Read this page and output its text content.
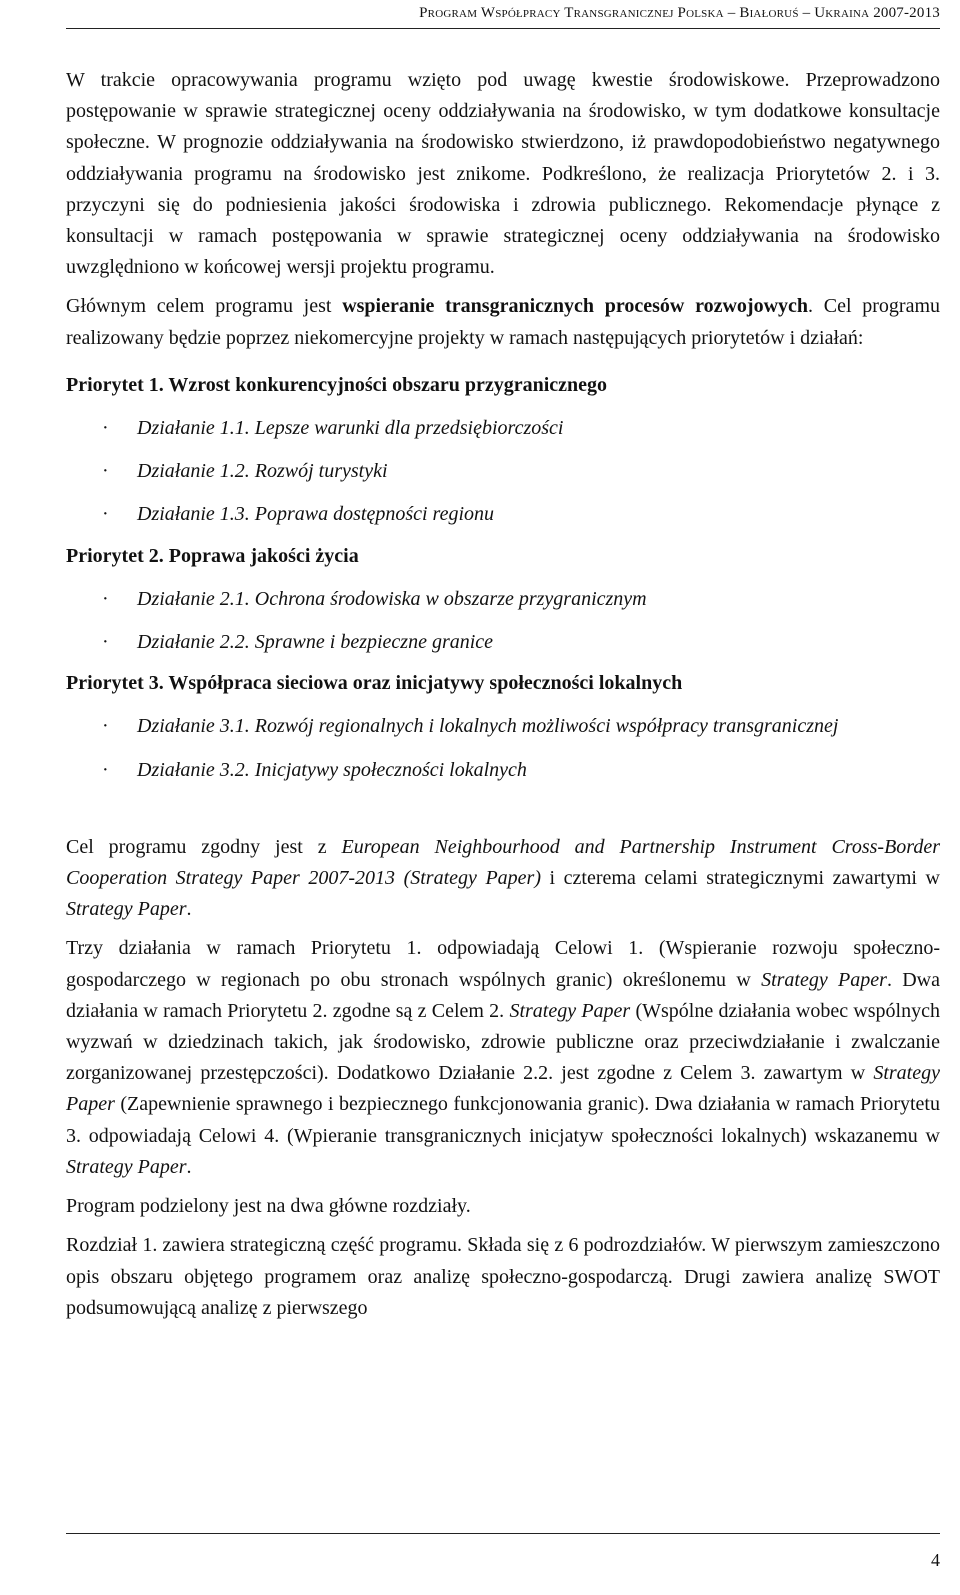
Program Współpracy Transgranicznej Polska – Białoruś – Ukraina 2007-2013

W trakcie opracowywania programu wzięto pod uwagę kwestie środowiskowe. Przeprowadzono postępowanie w sprawie strategicznej oceny oddziaływania na środowisko, w tym dodatkowe konsultacje społeczne. W prognozie oddziaływania na środowisko stwierdzono, iż prawdopodobieństwo negatywnego oddziaływania programu na środowisko jest znikome. Podkreślono, że realizacja Priorytetów 2. i 3. przyczyni się do podniesienia jakości środowiska i zdrowia publicznego. Rekomendacje płynące z konsultacji w ramach postępowania w sprawie strategicznej oceny oddziaływania na środowisko uwzględniono w końcowej wersji projektu programu.

Głównym celem programu jest wspieranie transgranicznych procesów rozwojowych. Cel programu realizowany będzie poprzez niekomercyjne projekty w ramach następujących priorytetów i działań:

Priorytet 1. Wzrost konkurencyjności obszaru przygranicznego

· Działanie 1.1. Lepsze warunki dla przedsiębiorczości

· Działanie 1.2. Rozwój turystyki

· Działanie 1.3. Poprawa dostępności regionu

Priorytet 2. Poprawa jakości życia

· Działanie 2.1. Ochrona środowiska w obszarze przygranicznym

· Działanie 2.2. Sprawne i bezpieczne granice

Priorytet 3. Współpraca sieciowa oraz inicjatywy społeczności lokalnych

· Działanie 3.1. Rozwój regionalnych i lokalnych możliwości współpracy transgranicznej

· Działanie 3.2. Inicjatywy społeczności lokalnych

Cel programu zgodny jest z European Neighbourhood and Partnership Instrument Cross-Border Cooperation Strategy Paper 2007-2013 (Strategy Paper) i czterema celami strategicznymi zawartymi w Strategy Paper.

Trzy działania w ramach Priorytetu 1. odpowiadają Celowi 1. (Wspieranie rozwoju społeczno-gospodarczego w regionach po obu stronach wspólnych granic) określonemu w Strategy Paper. Dwa działania w ramach Priorytetu 2. zgodne są z Celem 2. Strategy Paper (Wspólne działania wobec wspólnych wyzwań w dziedzinach takich, jak środowisko, zdrowie publiczne oraz przeciwdziałanie i zwalczanie zorganizowanej przestępczości). Dodatkowo Działanie 2.2. jest zgodne z Celem 3. zawartym w Strategy Paper (Zapewnienie sprawnego i bezpiecznego funkcjonowania granic). Dwa działania w ramach Priorytetu 3. odpowiadają Celowi 4. (Wpieranie transgranicznych inicjatyw społeczności lokalnych) wskazanemu w Strategy Paper.

Program podzielony jest na dwa główne rozdziały.

Rozdział 1. zawiera strategiczną część programu. Składa się z 6 podrozdziałów. W pierwszym zamieszczono opis obszaru objętego programem oraz analizę społeczno-gospodarczą. Drugi zawiera analizę SWOT podsumowującą analizę z pierwszego

4
